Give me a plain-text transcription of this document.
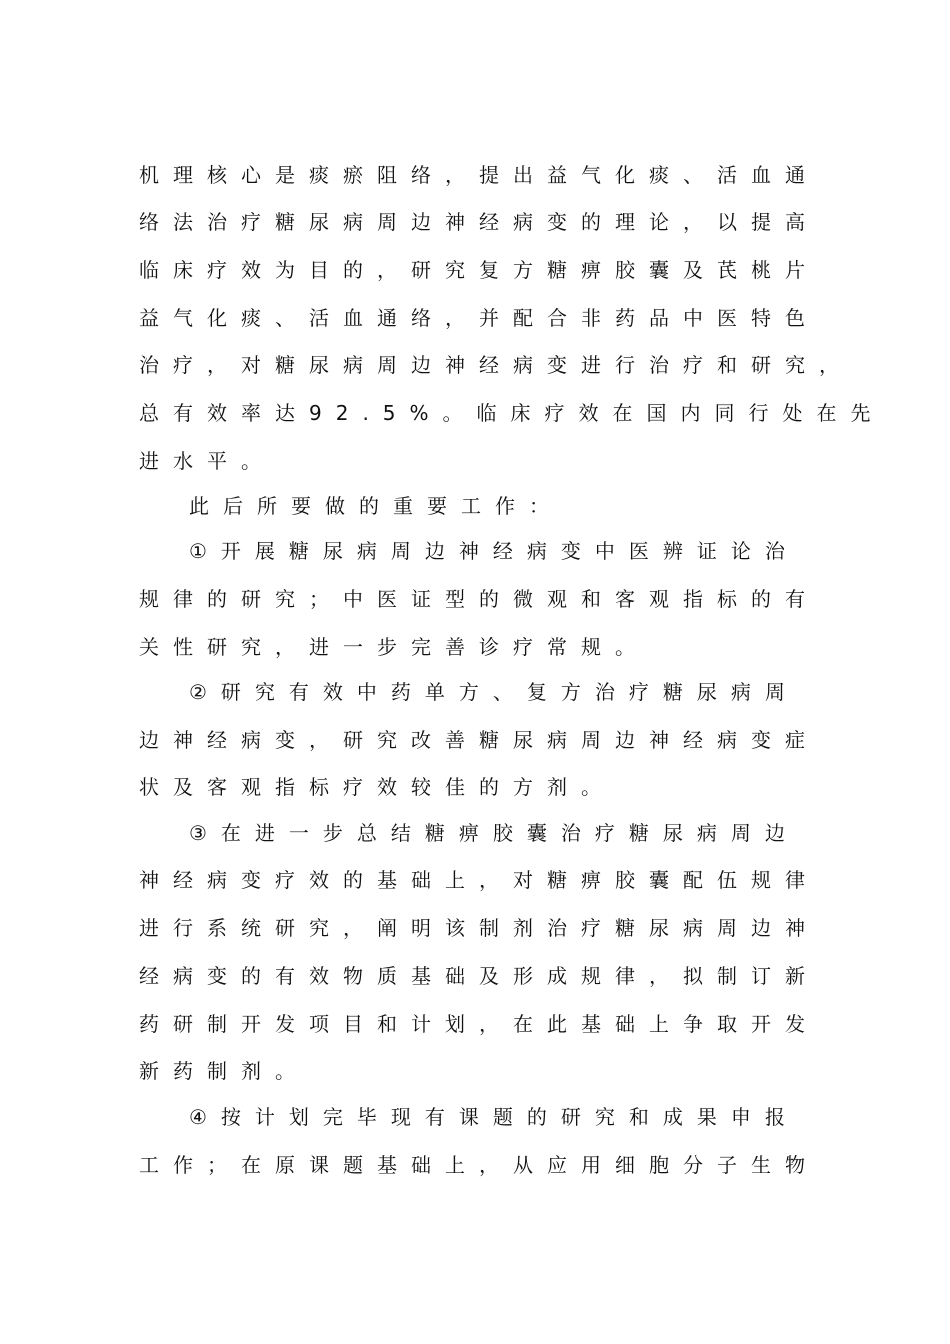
机理核心是痰瘀阻络，提出益气化痰、活血通
络法治疗糖尿病周边神经病变的理论，以提高
临床疗效为目的，研究复方糖痹胶囊及芪桃片
益气化痰、活血通络，并配合非药品中医特色
治疗，对糖尿病周边神经病变进行治疗和研究，
总有效率达92.5%。临床疗效在国内同行处在先
进水平。
此后所要做的重要工作：
①开展糖尿病周边神经病变中医辨证论治
规律的研究；中医证型的微观和客观指标的有
关性研究，进一步完善诊疗常规。
②研究有效中药单方、复方治疗糖尿病周
边神经病变，研究改善糖尿病周边神经病变症
状及客观指标疗效较佳的方剂。
③在进一步总结糖痹胶囊治疗糖尿病周边
神经病变疗效的基础上，对糖痹胶囊配伍规律
进行系统研究，阐明该制剂治疗糖尿病周边神
经病变的有效物质基础及形成规律，拟制订新
药研制开发项目和计划，在此基础上争取开发
新药制剂。
④按计划完毕现有课题的研究和成果申报
工作；在原课题基础上，从应用细胞分子生物
